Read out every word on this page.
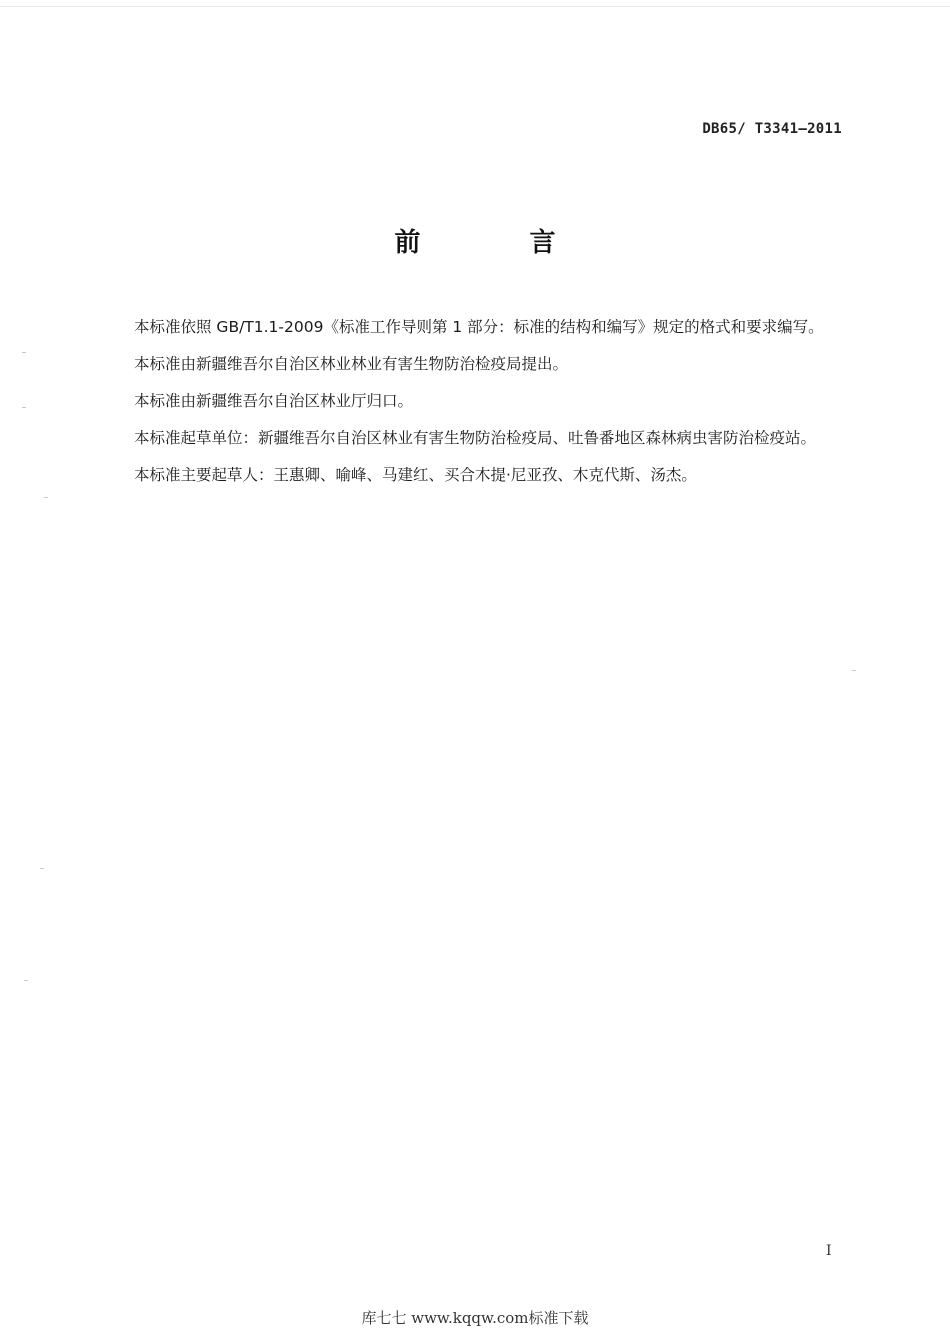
DB65/ T3341—2011
前 言

本标准依照 GB/T1.1-2009《标准工作导则第 1 部分：标准的结构和编写》规定的格式和要求编写。

本标准由新疆维吾尔自治区林业林业有害生物防治检疫局提出。

本标准由新疆维吾尔自治区林业厅归口。

本标准起草单位：新疆维吾尔自治区林业有害生物防治检疫局、吐鲁番地区森林病虫害防治检疫站。

本标准主要起草人：王惠卿、喻峰、马建红、买合木提·尼亚孜、木克代斯、汤杰。

I
库七七 www.kqqw.com标准下载
